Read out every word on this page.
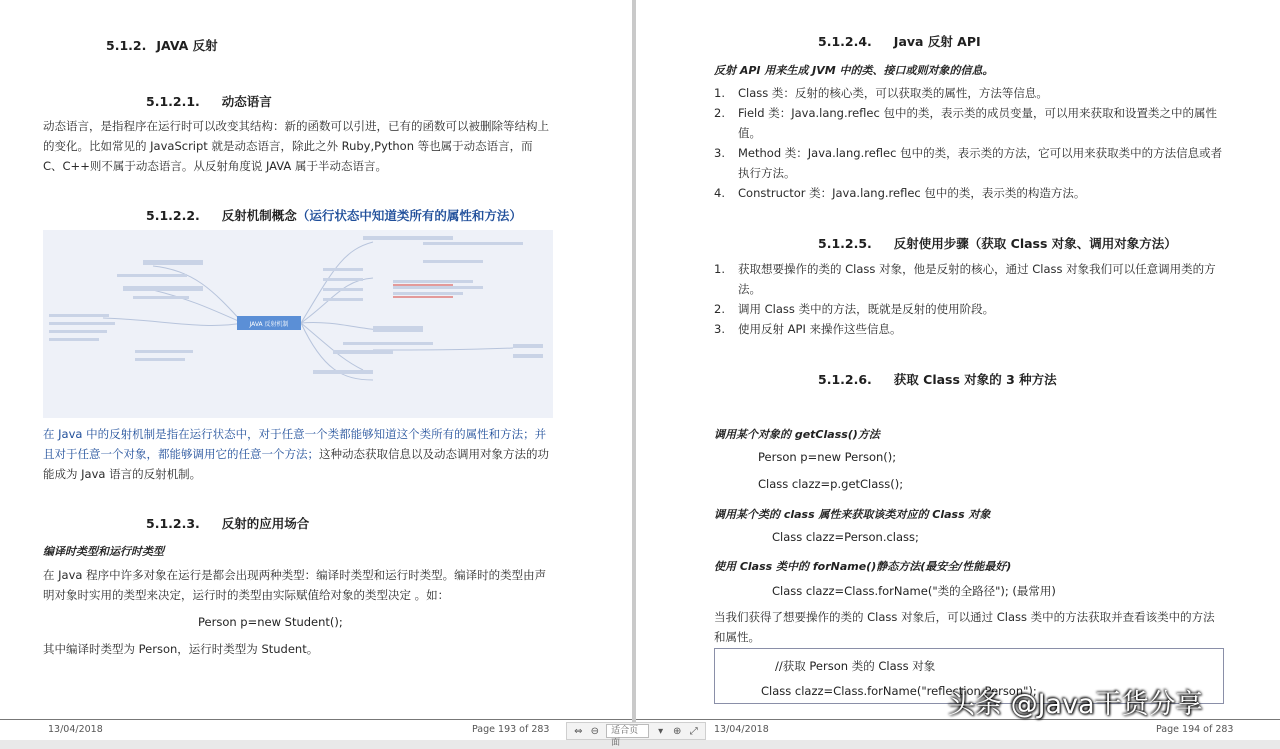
5.1.2. JAVA 反射
5.1.2.1. 动态语言
动态语言，是指程序在运行时可以改变其结构：新的函数可以引进，已有的函数可以被删除等结构上的变化。比如常见的 JavaScript 就是动态语言，除此之外 Ruby,Python 等也属于动态语言，而 C、C++则不属于动态语言。从反射角度说 JAVA 属于半动态语言。
5.1.2.2. 反射机制概念（运行状态中知道类所有的属性和方法）
JAVA 反射机制
在 Java 中的反射机制是指在运行状态中，对于任意一个类都能够知道这个类所有的属性和方法；并且对于任意一个对象，都能够调用它的任意一个方法；这种动态获取信息以及动态调用对象方法的功能成为 Java 语言的反射机制。
5.1.2.3. 反射的应用场合
编译时类型和运行时类型
在 Java 程序中许多对象在运行是都会出现两种类型：编译时类型和运行时类型。编译时的类型由声明对象时实用的类型来决定，运行时的类型由实际赋值给对象的类型决定 。如：
Person p=new Student();
其中编译时类型为 Person，运行时类型为 Student。
13/04/2018	Page 193 of 283
5.1.2.4. Java 反射 API
反射 API 用来生成 JVM 中的类、接口或则对象的信息。
1. Class 类：反射的核心类，可以获取类的属性，方法等信息。
2. Field 类：Java.lang.reflec 包中的类，表示类的成员变量，可以用来获取和设置类之中的属性值。
3. Method 类：Java.lang.reflec 包中的类，表示类的方法，它可以用来获取类中的方法信息或者执行方法。
4. Constructor 类：Java.lang.reflec 包中的类，表示类的构造方法。
5.1.2.5. 反射使用步骤（获取 Class 对象、调用对象方法）
1. 获取想要操作的类的 Class 对象，他是反射的核心，通过 Class 对象我们可以任意调用类的方法。
2. 调用 Class 类中的方法，既就是反射的使用阶段。
3. 使用反射 API 来操作这些信息。
5.1.2.6. 获取 Class 对象的 3 种方法
调用某个对象的 getClass()方法
Person p=new Person();
Class clazz=p.getClass();
调用某个类的 class 属性来获取该类对应的 Class 对象
Class clazz=Person.class;
使用 Class 类中的 forName()静态方法(最安全/性能最好)
Class clazz=Class.forName("类的全路径"); (最常用)
当我们获得了想要操作的类的 Class 对象后，可以通过 Class 类中的方法获取并查看该类中的方法和属性。
//获取 Person 类的 Class 对象
Class clazz=Class.forName("reflection.Person");
13/04/2018	Page 194 of 283
⇔ ⊖	适合页面
▾ ⊕ ⤢
头条 @Java干货分享
